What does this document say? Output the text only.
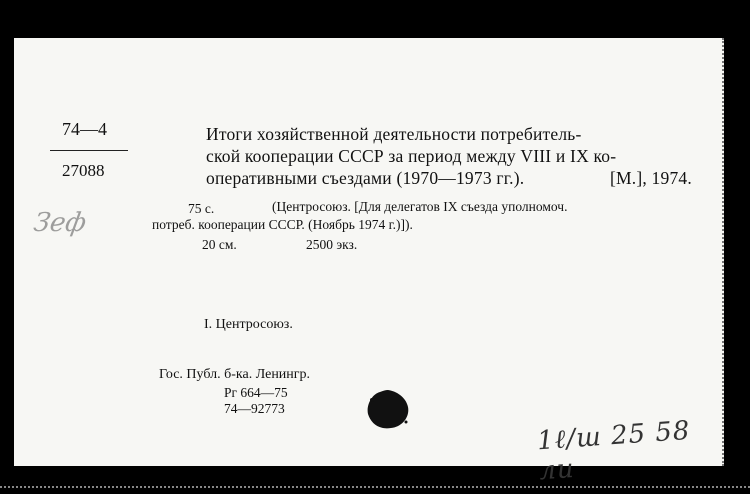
74—4
27088
Зеф
Итоги хозяйственной деятельности потребитель-
ской кооперации СССР за период между VIII и IX ко-
оперативными съездами (1970—1973 гг.).	[М.], 1974.
75 с.	(Центросоюз. [Для делегатов IX съезда уполномоч.
потреб. кооперации СССР. (Ноябрь 1974 г.)]).
20 см.	2500 экз.
I. Центросоюз.
Гос. Публ. б-ка. Ленингр.
Рг 664—75
74—92773
1ℓ/ш 25 58 ли
